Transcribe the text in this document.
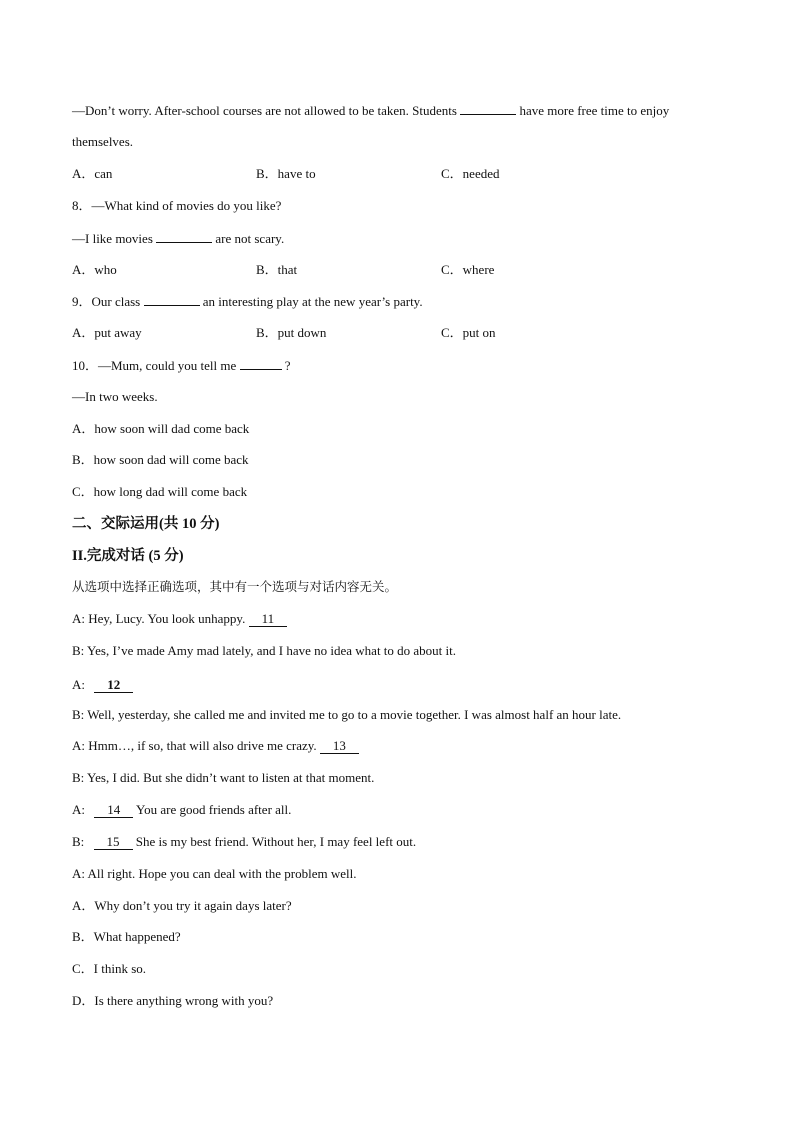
—Don’t worry. After-school courses are not allowed to be taken. Students	have more free time to enjoy
themselves.
A．can	B．have to	C．needed
8．—What kind of movies do you like?
—I like movies	are not scary.
A．who	B．that	C．where
9．Our class	an interesting play at the new year’s party.
A．put away	B．put down	C．put on
10．—Mum, could you tell me	?
—In two weeks.
A．how soon will dad come back
B．how soon dad will come back
C．how long dad will come back
二、交际运用(共 10 分)
II.完成对话 (5 分)
从选项中选择正确选项，其中有一个选项与对话内容无关。
A: Hey, Lucy. You look unhappy. 11
B: Yes, I’ve made Amy mad lately, and I have no idea what to do about it.
A: 12
B: Well, yesterday, she called me and invited me to go to a movie together. I was almost half an hour late.
A: Hmm…, if so, that will also drive me crazy. 13
B: Yes, I did. But she didn’t want to listen at that moment.
A: 14 You are good friends after all.
B: 15 She is my best friend. Without her, I may feel left out.
A: All right. Hope you can deal with the problem well.
A．Why don’t you try it again days later?
B．What happened?
C．I think so.
D．Is there anything wrong with you?
